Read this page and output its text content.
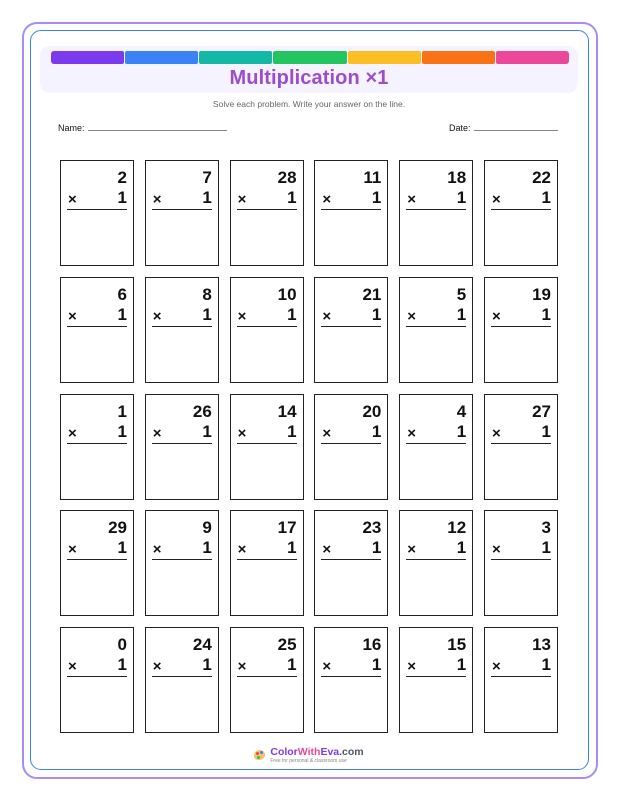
Multiplication ×1
Solve each problem. Write your answer on the line.
Name:	Date:
2
× 1
7
× 1
28
× 1
11
× 1
18
× 1
22
× 1
6
× 1
8
× 1
10
× 1
21
× 1
5
× 1
19
× 1
1
× 1
26
× 1
14
× 1
20
× 1
4
× 1
27
× 1
29
× 1
9
× 1
17
× 1
23
× 1
12
× 1
3
× 1
0
× 1
24
× 1
25
× 1
16
× 1
15
× 1
13
× 1
ColorWithEva.com
Free for personal & classroom use
